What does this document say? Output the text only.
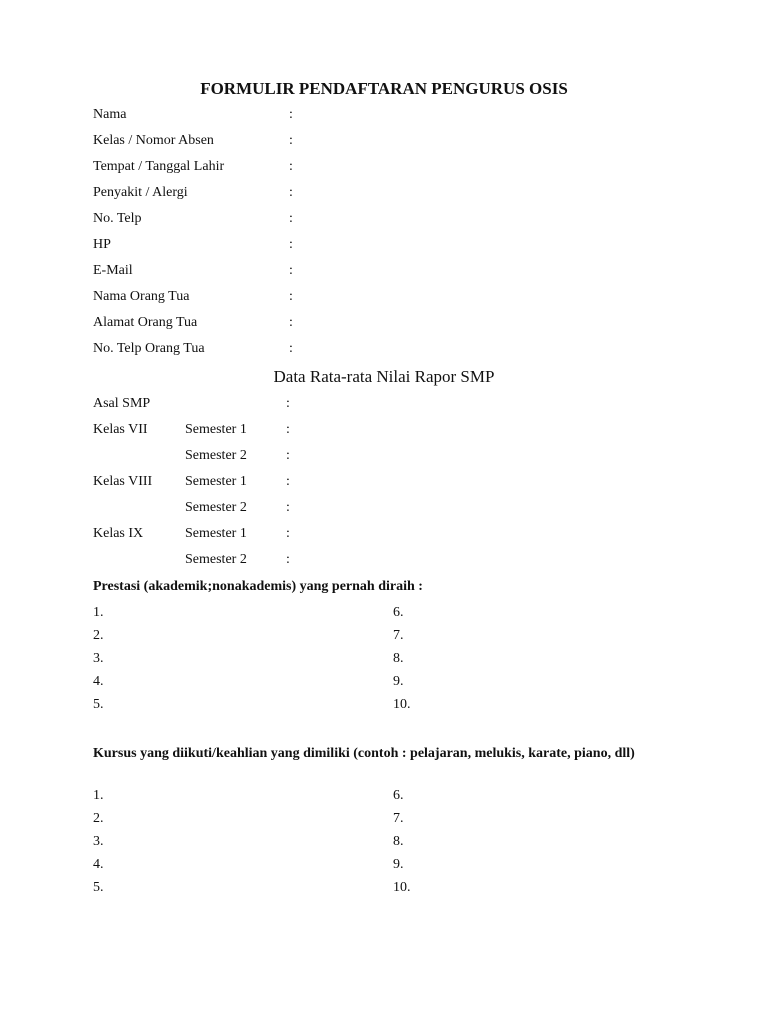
FORMULIR PENDAFTARAN PENGURUS OSIS
Nama	:
Kelas / Nomor Absen	:
Tempat / Tanggal Lahir	:
Penyakit / Alergi	:
No. Telp	:
HP	:
E-Mail	:
Nama Orang Tua	:
Alamat Orang Tua	:
No. Telp Orang Tua	:
Data Rata-rata Nilai Rapor SMP
Asal SMP	:
Kelas VII	Semester 1	:
Semester 2	:
Kelas VIII Semester 1	:
Semester 2	:
Kelas IX	Semester 1	:
Semester 2	:
Prestasi (akademik;nonakademis) yang pernah diraih :
1.	6.
2.	7.
3.	8.
4.	9.
5.	10.
Kursus yang diikuti/keahlian yang dimiliki (contoh : pelajaran, melukis, karate, piano, dll)
1.	6.
2.	7.
3.	8.
4.	9.
5.	10.
